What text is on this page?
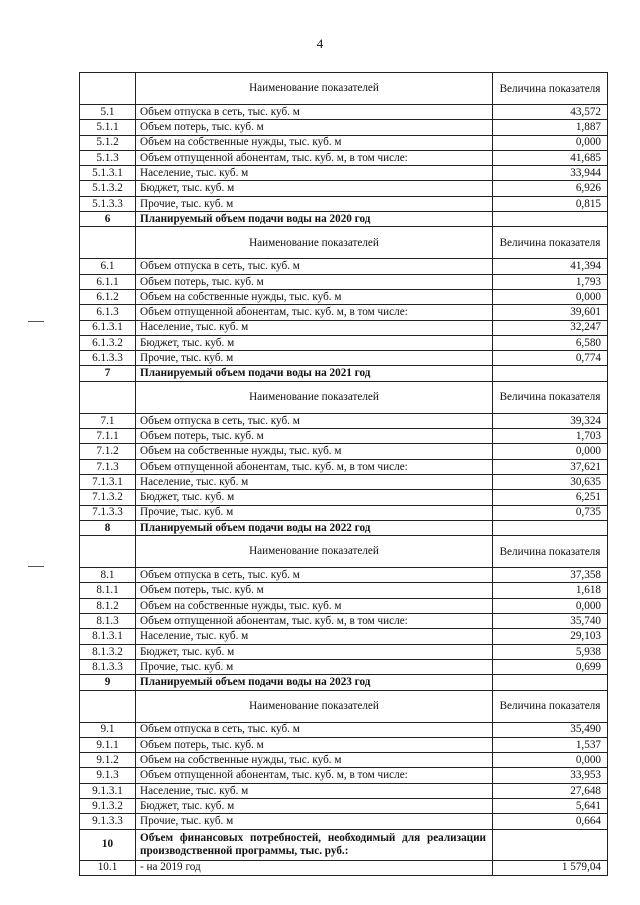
4
	Наименование показателей	Величина показателя
5.1	Объем отпуска в сеть, тыс. куб. м	43,572
5.1.1	Объем потерь, тыс. куб. м	1,887
5.1.2	Объем на собственные нужды, тыс. куб. м	0,000
5.1.3	Объем отпущенной абонентам, тыс. куб. м, в том числе:	41,685
5.1.3.1	Население, тыс. куб. м	33,944
5.1.3.2	Бюджет, тыс. куб. м	6,926
5.1.3.3	Прочие, тыс. куб. м	0,815
6	Планируемый объем подачи воды на 2020 год	
	Наименование показателей	Величина показателя
6.1	Объем отпуска в сеть, тыс. куб. м	41,394
6.1.1	Объем потерь, тыс. куб. м	1,793
6.1.2	Объем на собственные нужды, тыс. куб. м	0,000
6.1.3	Объем отпущенной абонентам, тыс. куб. м, в том числе:	39,601
6.1.3.1	Население, тыс. куб. м	32,247
6.1.3.2	Бюджет, тыс. куб. м	6,580
6.1.3.3	Прочие, тыс. куб. м	0,774
7	Планируемый объем подачи воды на 2021 год	
	Наименование показателей	Величина показателя
7.1	Объем отпуска в сеть, тыс. куб. м	39,324
7.1.1	Объем потерь, тыс. куб. м	1,703
7.1.2	Объем на собственные нужды, тыс. куб. м	0,000
7.1.3	Объем отпущенной абонентам, тыс. куб. м, в том числе:	37,621
7.1.3.1	Население, тыс. куб. м	30,635
7.1.3.2	Бюджет, тыс. куб. м	6,251
7.1.3.3	Прочие, тыс. куб. м	0,735
8	Планируемый объем подачи воды на 2022 год	
	Наименование показателей	Величина показателя
8.1	Объем отпуска в сеть, тыс. куб. м	37,358
8.1.1	Объем потерь, тыс. куб. м	1,618
8.1.2	Объем на собственные нужды, тыс. куб. м	0,000
8.1.3	Объем отпущенной абонентам, тыс. куб. м, в том числе:	35,740
8.1.3.1	Население, тыс. куб. м	29,103
8.1.3.2	Бюджет, тыс. куб. м	5,938
8.1.3.3	Прочие, тыс. куб. м	0,699
9	Планируемый объем подачи воды на 2023 год	
	Наименование показателей	Величина показателя
9.1	Объем отпуска в сеть, тыс. куб. м	35,490
9.1.1	Объем потерь, тыс. куб. м	1,537
9.1.2	Объем на собственные нужды, тыс. куб. м	0,000
9.1.3	Объем отпущенной абонентам, тыс. куб. м, в том числе:	33,953
9.1.3.1	Население, тыс. куб. м	27,648
9.1.3.2	Бюджет, тыс. куб. м	5,641
9.1.3.3	Прочие, тыс. куб. м	0,664
10	Объем финансовых потребностей, необходимый для реализации производственной программы, тыс. руб.:	
10.1	- на 2019 год	1 579,04
